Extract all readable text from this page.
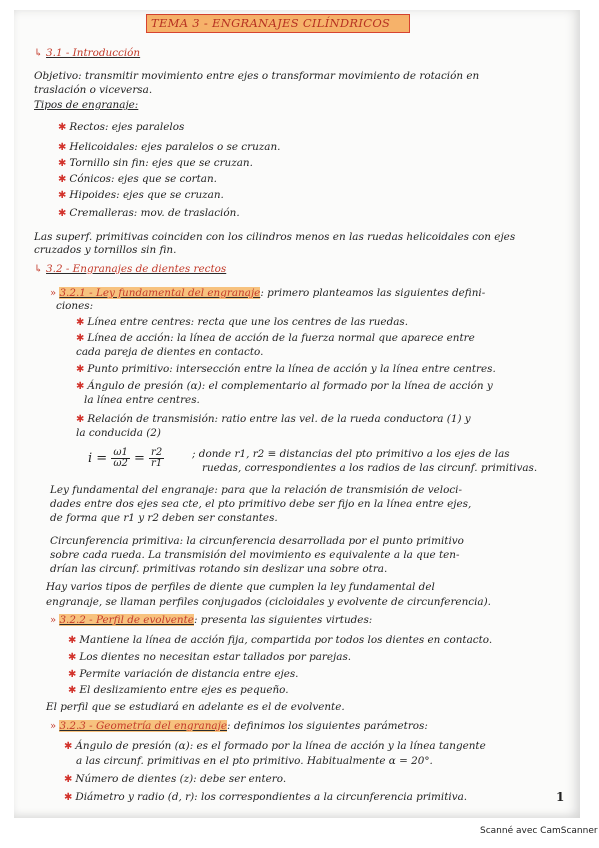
TEMA 3 - ENGRANAJES CILÍNDRICOS
↳ 3.1 - Introducción
Objetivo: transmitir movimiento entre ejes o transformar movimiento de rotación en
traslación o viceversa.
Tipos de engranaje:
✱ Rectos: ejes paralelos
✱ Helicoidales: ejes paralelos o se cruzan.
✱ Tornillo sin fin: ejes que se cruzan.
✱ Cónicos: ejes que se cortan.
✱ Hipoides: ejes que se cruzan.
✱ Cremalleras: mov. de traslación.
Las superf. primitivas coinciden con los cilindros menos en las ruedas helicoidales con ejes
cruzados y tornillos sin fin.
↳ 3.2 - Engranajes de dientes rectos
» 3.2.1 - Ley fundamental del engranaje: primero planteamos las siguientes defini-
ciones:
✱ Línea entre centres: recta que une los centres de las ruedas.
✱ Línea de acción: la línea de acción de la fuerza normal que aparece entre
cada pareja de dientes en contacto.
✱ Punto primitivo: intersección entre la línea de acción y la línea entre centres.
✱ Ángulo de presión (α): el complementario al formado por la línea de acción y
la línea entre centres.
✱ Relación de transmisión: ratio entre las vel. de la rueda conductora (1) y
la conducida (2)
$i = \frac{\omega 1}{\omega 2} = \frac{r2}{r1}$	; donde r1, r2 ≡ distancias del pto primitivo a los ejes de las
ruedas, correspondientes a los radios de las circunf. primitivas.
Ley fundamental del engranaje: para que la relación de transmisión de veloci-
dades entre dos ejes sea cte, el pto primitivo debe ser fijo en la línea entre ejes,
de forma que r1 y r2 deben ser constantes.
Circunferencia primitiva: la circunferencia desarrollada por el punto primitivo
sobre cada rueda. La transmisión del movimiento es equivalente a la que ten-
drían las circunf. primitivas rotando sin deslizar una sobre otra.
Hay varios tipos de perfiles de diente que cumplen la ley fundamental del
engranaje, se llaman perfiles conjugados (cicloidales y evolvente de circunferencia).
» 3.2.2 - Perfil de evolvente: presenta las siguientes virtudes:
✱ Mantiene la línea de acción fija, compartida por todos los dientes en contacto.
✱ Los dientes no necesitan estar tallados por parejas.
✱ Permite variación de distancia entre ejes.
✱ El deslizamiento entre ejes es pequeño.
El perfil que se estudiará en adelante es el de evolvente.
» 3.2.3 - Geometría del engranaje: definimos los siguientes parámetros:
✱ Ángulo de presión (α): es el formado por la línea de acción y la línea tangente
a las circunf. primitivas en el pto primitivo. Habitualmente α = 20°.
✱ Número de dientes (z): debe ser entero.
✱ Diámetro y radio (d, r): los correspondientes a la circunferencia primitiva.	1
Scanné avec CamScanner
